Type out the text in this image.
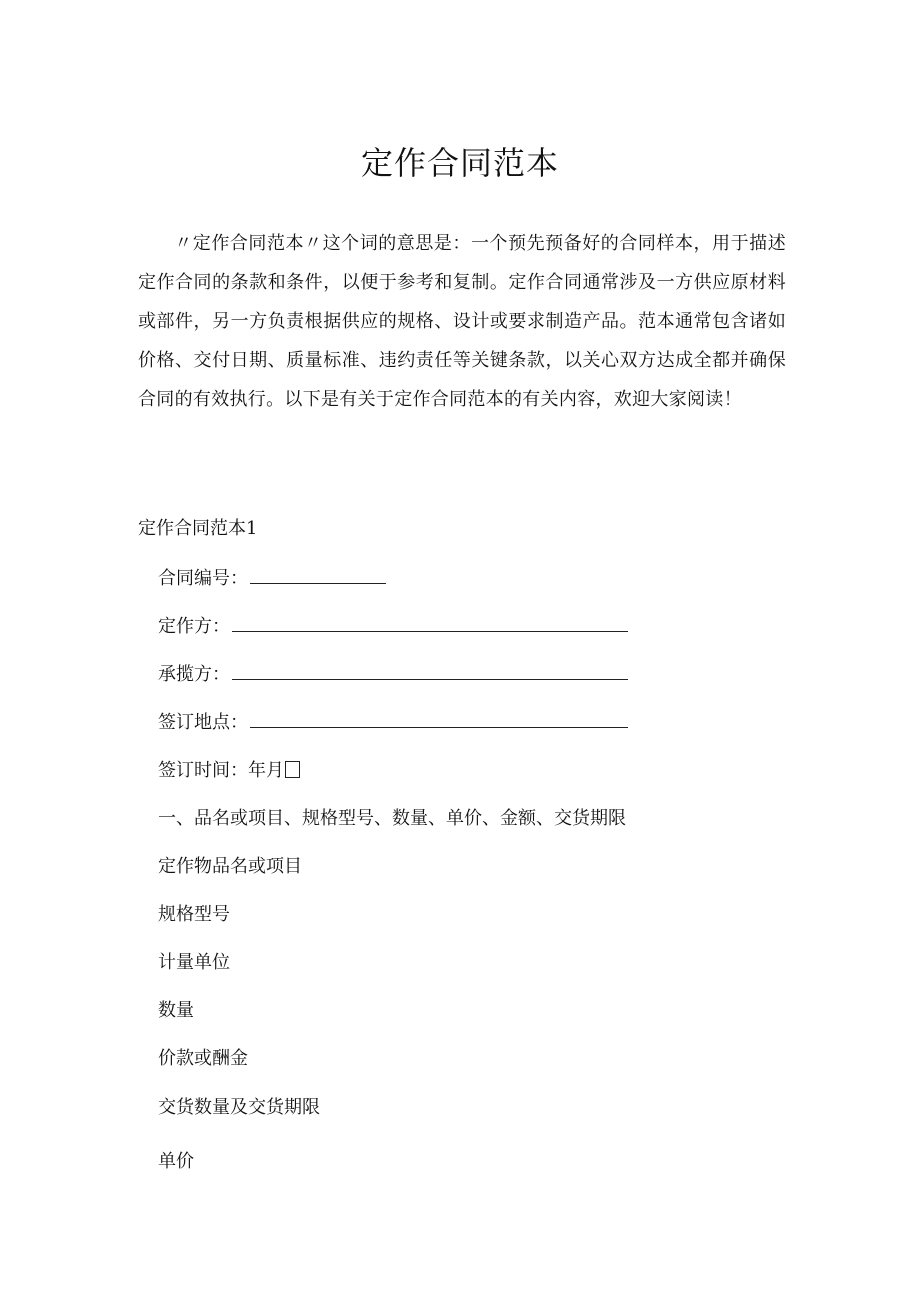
定作合同范本

〃定作合同范本〃这个词的意思是：一个预先预备好的合同样本，用于描述定作合同的条款和条件，以便于参考和复制。定作合同通常涉及一方供应原材料或部件，另一方负责根据供应的规格、设计或要求制造产品。范本通常包含诸如价格、交付日期、质量标准、违约责任等关键条款，以关心双方达成全都并确保合同的有效执行。以下是有关于定作合同范本的有关内容，欢迎大家阅读！

定作合同范本1

合同编号：

定作方：

承揽方：

签订地点：

签订时间：年月

一、品名或项目、规格型号、数量、单价、金额、交货期限

定作物品名或项目

规格型号

计量单位

数量

价款或酬金

交货数量及交货期限

单价
